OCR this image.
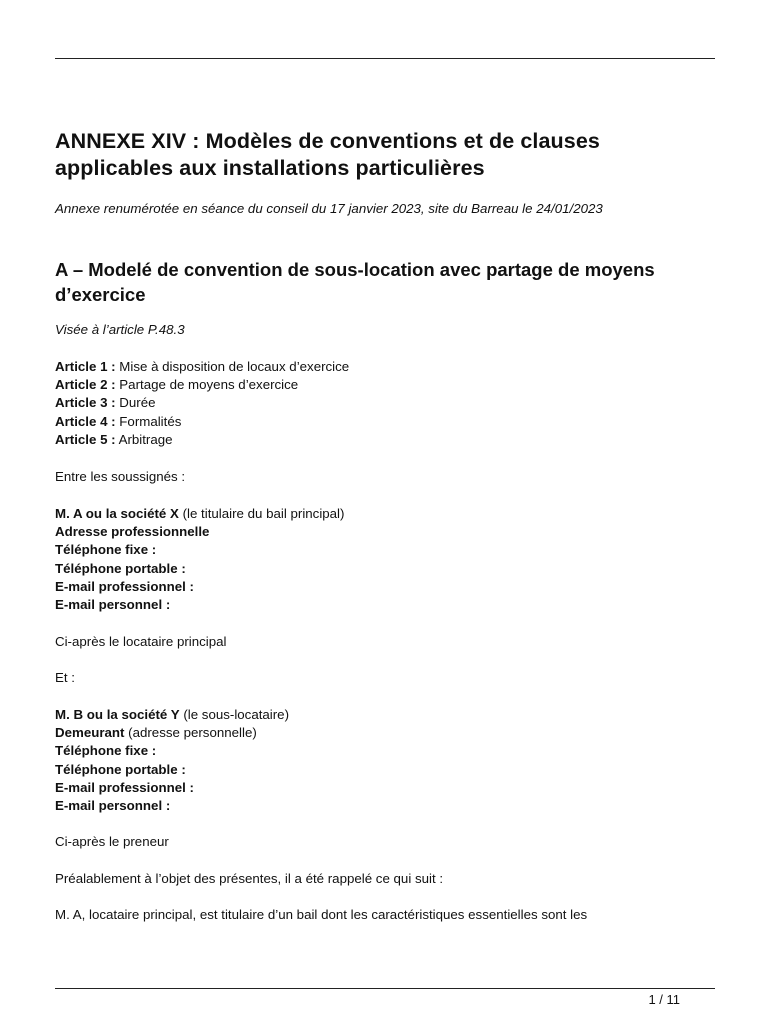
ANNEXE XIV : Modèles de conventions et de clauses applicables aux installations particulières

Annexe renumérotée en séance du conseil du 17 janvier 2023, site du Barreau le 24/01/2023

A – Modelé de convention de sous-location avec partage de moyens d’exercice
Visée à l’article P.48.3
Article 1 : Mise à disposition de locaux d’exercice
Article 2 : Partage de moyens d’exercice
Article 3 : Durée
Article 4 : Formalités
Article 5 : Arbitrage
Entre les soussignés :
M. A ou la société X (le titulaire du bail principal)
Adresse professionnelle
Téléphone fixe :
Téléphone portable :
E-mail professionnel :
E-mail personnel :
Ci-après le locataire principal
Et :
M. B ou la société Y (le sous-locataire)
Demeurant (adresse personnelle)
Téléphone fixe :
Téléphone portable :
E-mail professionnel :
E-mail personnel :
Ci-après le preneur
Préalablement à l’objet des présentes, il a été rappelé ce qui suit :
M. A, locataire principal, est titulaire d’un bail dont les caractéristiques essentielles sont les
1 / 11
